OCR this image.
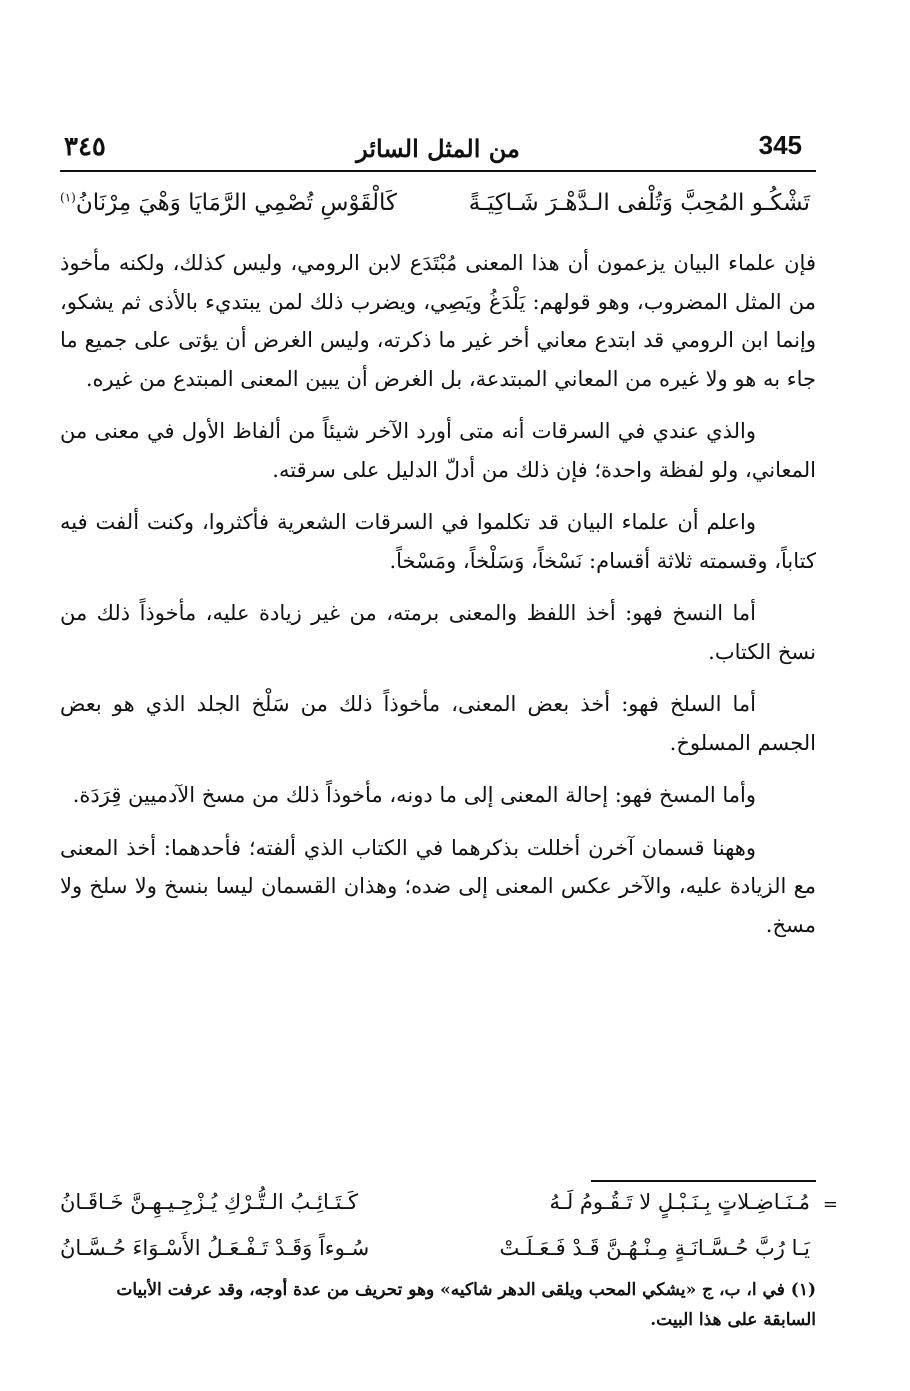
345
من المثل السائر
٣٤٥
تَشْكُـو المُحِبَّ وَتُلْفى الـدَّهْـرَ شَـاكِيَـةً
كَالْقَوْسِ تُصْمِي الرَّمَايَا وَهْيَ مِرْنَانُ$^{(١)}$

فإن علماء البيان يزعمون أن هذا المعنى مُبْتَدَع لابن الرومي، وليس كذلك، ولكنه مأخوذ من المثل المضروب، وهو قولهم: يَلْدَغُ ويَصِي، ويضرب ذلك لمن يبتديء بالأذى ثم يشكو، وإنما ابن الرومي قد ابتدع معاني أخر غير ما ذكرته، وليس الغرض أن يؤتى على جميع ما جاء به هو ولا غيره من المعاني المبتدعة، بل الغرض أن يبين المعنى المبتدع من غيره.

والذي عندي في السرقات أنه متى أورد الآخر شيئاً من ألفاظ الأول في معنى من المعاني، ولو لفظة واحدة؛ فإن ذلك من أدلّ الدليل على سرقته.

واعلم أن علماء البيان قد تكلموا في السرقات الشعرية فأكثروا، وكنت ألفت فيه كتاباً، وقسمته ثلاثة أقسام: نَسْخاً، وَسَلْخاً، ومَسْخاً.

أما النسخ فهو: أخذ اللفظ والمعنى برمته، من غير زيادة عليه، مأخوذاً ذلك من نسخ الكتاب.

أما السلخ فهو: أخذ بعض المعنى، مأخوذاً ذلك من سَلْخ الجلد الذي هو بعض الجسم المسلوخ.

وأما المسخ فهو: إحالة المعنى إلى ما دونه، مأخوذاً ذلك من مسخ الآدميين قِرَدَة.

وههنا قسمان آخرن أخللت بذكرهما في الكتاب الذي ألفته؛ فأحدهما: أخذ المعنى مع الزيادة عليه، والآخر عكس المعنى إلى ضده؛ وهذان القسمان ليسا بنسخ ولا سلخ ولا مسخ.

=
مُـنَـاضِـلاتٍ بِـنَـبْـلٍ لا تَـقُـومُ لَـهُ
كَـتَـائِـبُ الـتُّـرْكِ يُـزْجِـيـهِـنَّ خَـاقَـانُ
يَـا رُبَّ حُـسَّـانَـةٍ مِـنْـهُـنَّ قَـدْ فَـعَـلَـتْ
سُـوءاً وَقَـدْ تَـفْـعَـلُ الأَسْـوَاءَ حُـسَّـانُ
(١) في ا، ب، ج «يشكي المحب ويلقى الدهر شاكيه» وهو تحريف من عدة أوجه، وقد عرفت الأبيات السابقة على هذا البيت.
